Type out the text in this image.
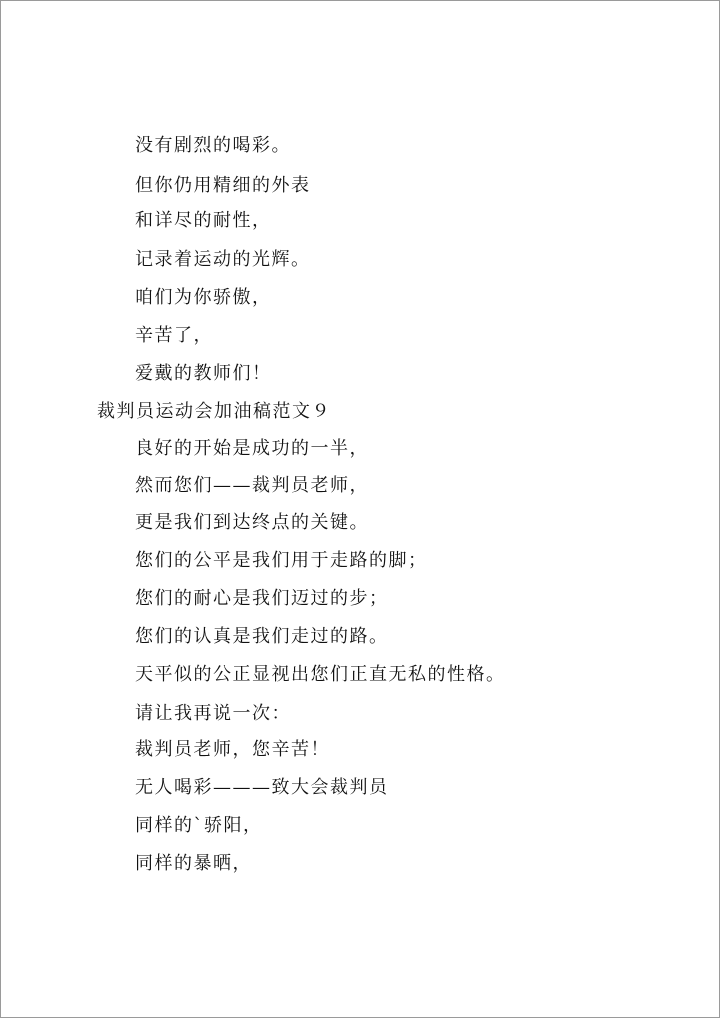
没有剧烈的喝彩。
但你仍用精细的外表
和详尽的耐性，
记录着运动的光辉。
咱们为你骄傲，
辛苦了，
爱戴的教师们！
裁判员运动会加油稿范文９
良好的开始是成功的一半，
然而您们——裁判员老师，
更是我们到达终点的关键。
您们的公平是我们用于走路的脚；
您们的耐心是我们迈过的步；
您们的认真是我们走过的路。
天平似的公正显视出您们正直无私的性格。
请让我再说一次：
裁判员老师，您辛苦！
无人喝彩———致大会裁判员
同样的`骄阳，
同样的暴晒，
